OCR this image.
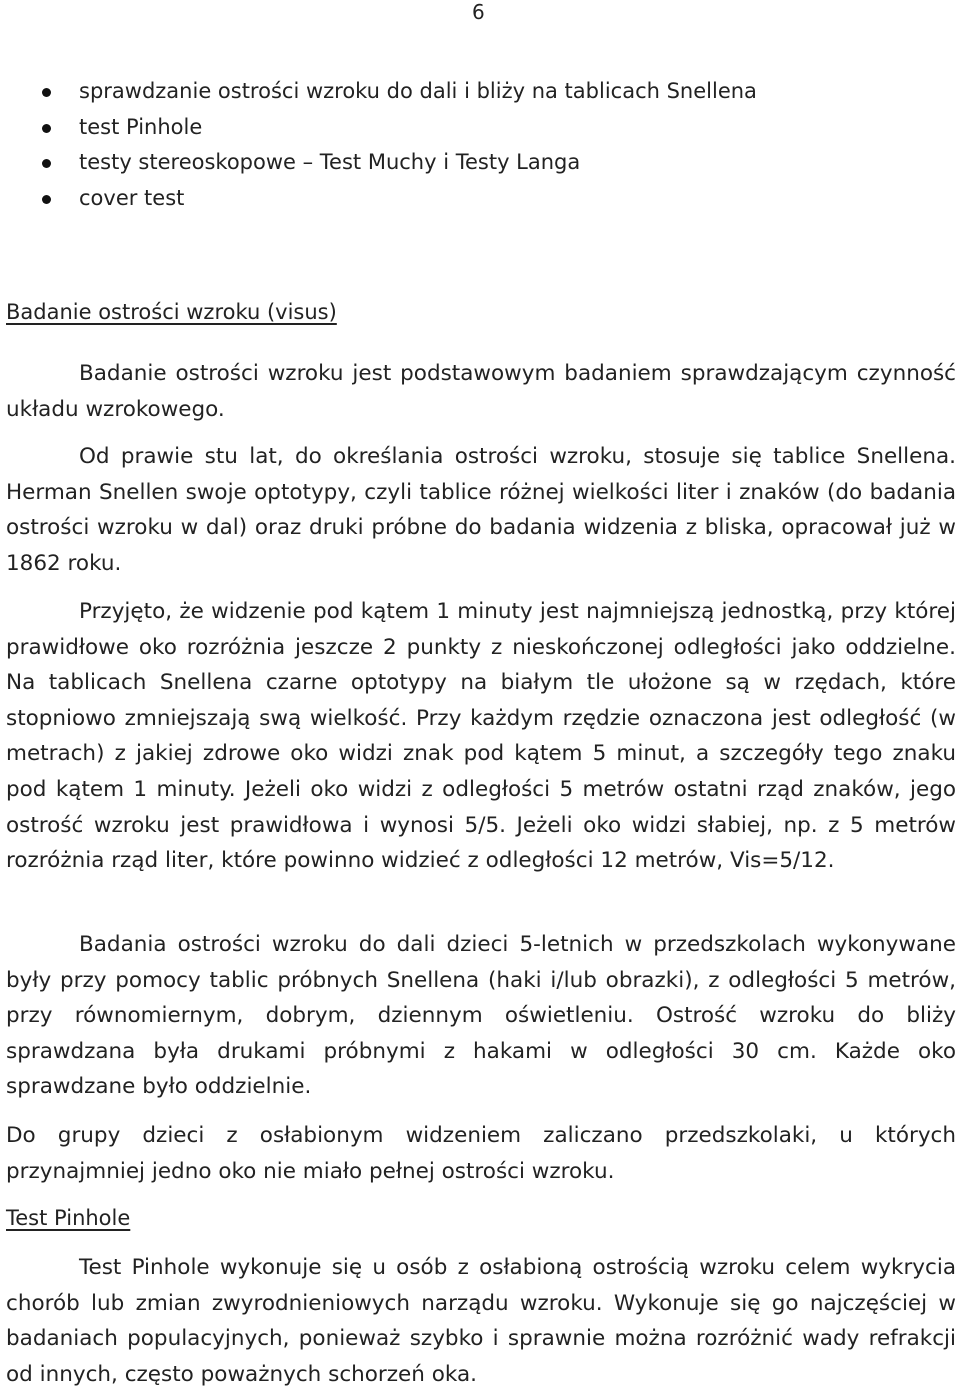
6
sprawdzanie ostrości wzroku do dali i bliży na tablicach Snellena
test Pinhole
testy stereoskopowe – Test Muchy i Testy Langa
cover test
Badanie ostrości wzroku (visus)

Badanie ostrości wzroku jest podstawowym badaniem sprawdzającym czynność układu wzrokowego.

Od prawie stu lat, do określania ostrości wzroku, stosuje się tablice Snellena. Herman Snellen swoje optotypy, czyli tablice różnej wielkości liter i znaków (do badania ostrości wzroku w dal) oraz druki próbne do badania widzenia z bliska, opracował już w 1862 roku.

Przyjęto, że widzenie pod kątem 1 minuty jest najmniejszą jednostką, przy której prawidłowe oko rozróżnia jeszcze 2 punkty z nieskończonej odległości jako oddzielne. Na tablicach Snellena czarne optotypy na białym tle ułożone są w rzędach, które stopniowo zmniejszają swą wielkość. Przy każdym rzędzie oznaczona jest odległość (w metrach) z jakiej zdrowe oko widzi znak pod kątem 5 minut, a szczegóły tego znaku pod kątem 1 minuty. Jeżeli oko widzi z odległości 5 metrów ostatni rząd znaków, jego ostrość wzroku jest prawidłowa i wynosi 5/5. Jeżeli oko widzi słabiej, np. z 5 metrów rozróżnia rząd liter, które powinno widzieć z odległości 12 metrów, Vis=5/12.

Badania ostrości wzroku do dali dzieci 5-letnich w przedszkolach wykonywane były przy pomocy tablic próbnych Snellena (haki i/lub obrazki), z odległości 5 metrów, przy równomiernym, dobrym, dziennym oświetleniu. Ostrość wzroku do bliży sprawdzana była drukami próbnymi z hakami w odległości 30 cm. Każde oko sprawdzane było oddzielnie.

Do grupy dzieci z osłabionym widzeniem zaliczano przedszkolaki, u których przynajmniej jedno oko nie miało pełnej ostrości wzroku.

Test Pinhole

Test Pinhole wykonuje się u osób z osłabioną ostrością wzroku celem wykrycia chorób lub zmian zwyrodnieniowych narządu wzroku. Wykonuje się go najczęściej w badaniach populacyjnych, ponieważ szybko i sprawnie można rozróżnić wady refrakcji od innych, często poważnych schorzeń oka.
